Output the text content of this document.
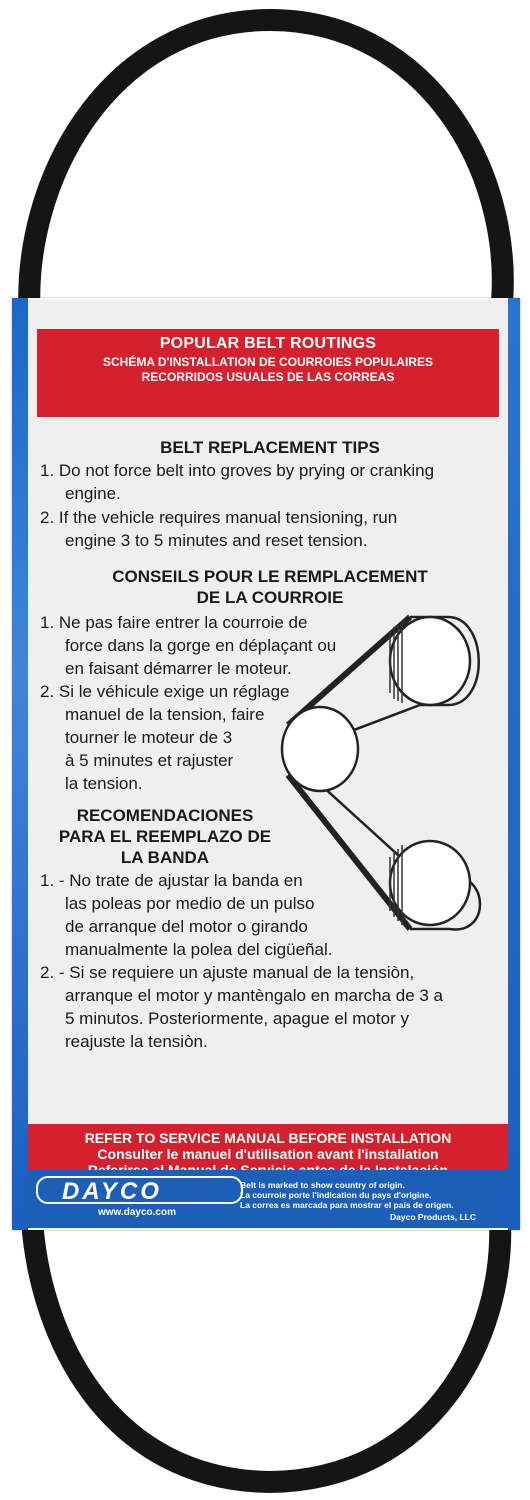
POPULAR BELT ROUTINGS
SCHÉMA D'INSTALLATION DE COURROIES POPULAIRES
RECORRIDOS USUALES DE LAS CORREAS
BELT REPLACEMENT TIPS
1. Do not force belt into groves by prying or cranking
engine.
2. If the vehicle requires manual tensioning, run
engine 3 to 5 minutes and reset tension.
CONSEILS POUR LE REMPLACEMENT
DE LA COURROIE
1. Ne pas faire entrer la courroie de
force dans la gorge en déplaçant ou
en faisant démarrer le moteur.
2. Si le véhicule exige un réglage
manuel de la tension, faire
tourner le moteur de 3
à 5 minutes et rajuster
la tension.
RECOMENDACIONES
PARA EL REEMPLAZO DE
LA BANDA
1. - No trate de ajustar la banda en
las poleas por medio de un pulso
de arranque del motor o girando
manualmente la polea del cigüeñal.
2. - Si se requiere un ajuste manual de la tensiòn,
arranque el motor y mantèngalo en marcha de 3 a
5 minutos. Posteriormente, apague el motor y
reajuste la tensiòn.
REFER TO SERVICE MANUAL BEFORE INSTALLATION
Consulter le manuel d'utilisation avant l'installation
DAYCO
www.dayco.com
Belt is marked to show country of origin.
La courroie porte l'indication du pays d'origine.
La correa es marcada para mostrar el país de origen.
Dayco Products, LLC
